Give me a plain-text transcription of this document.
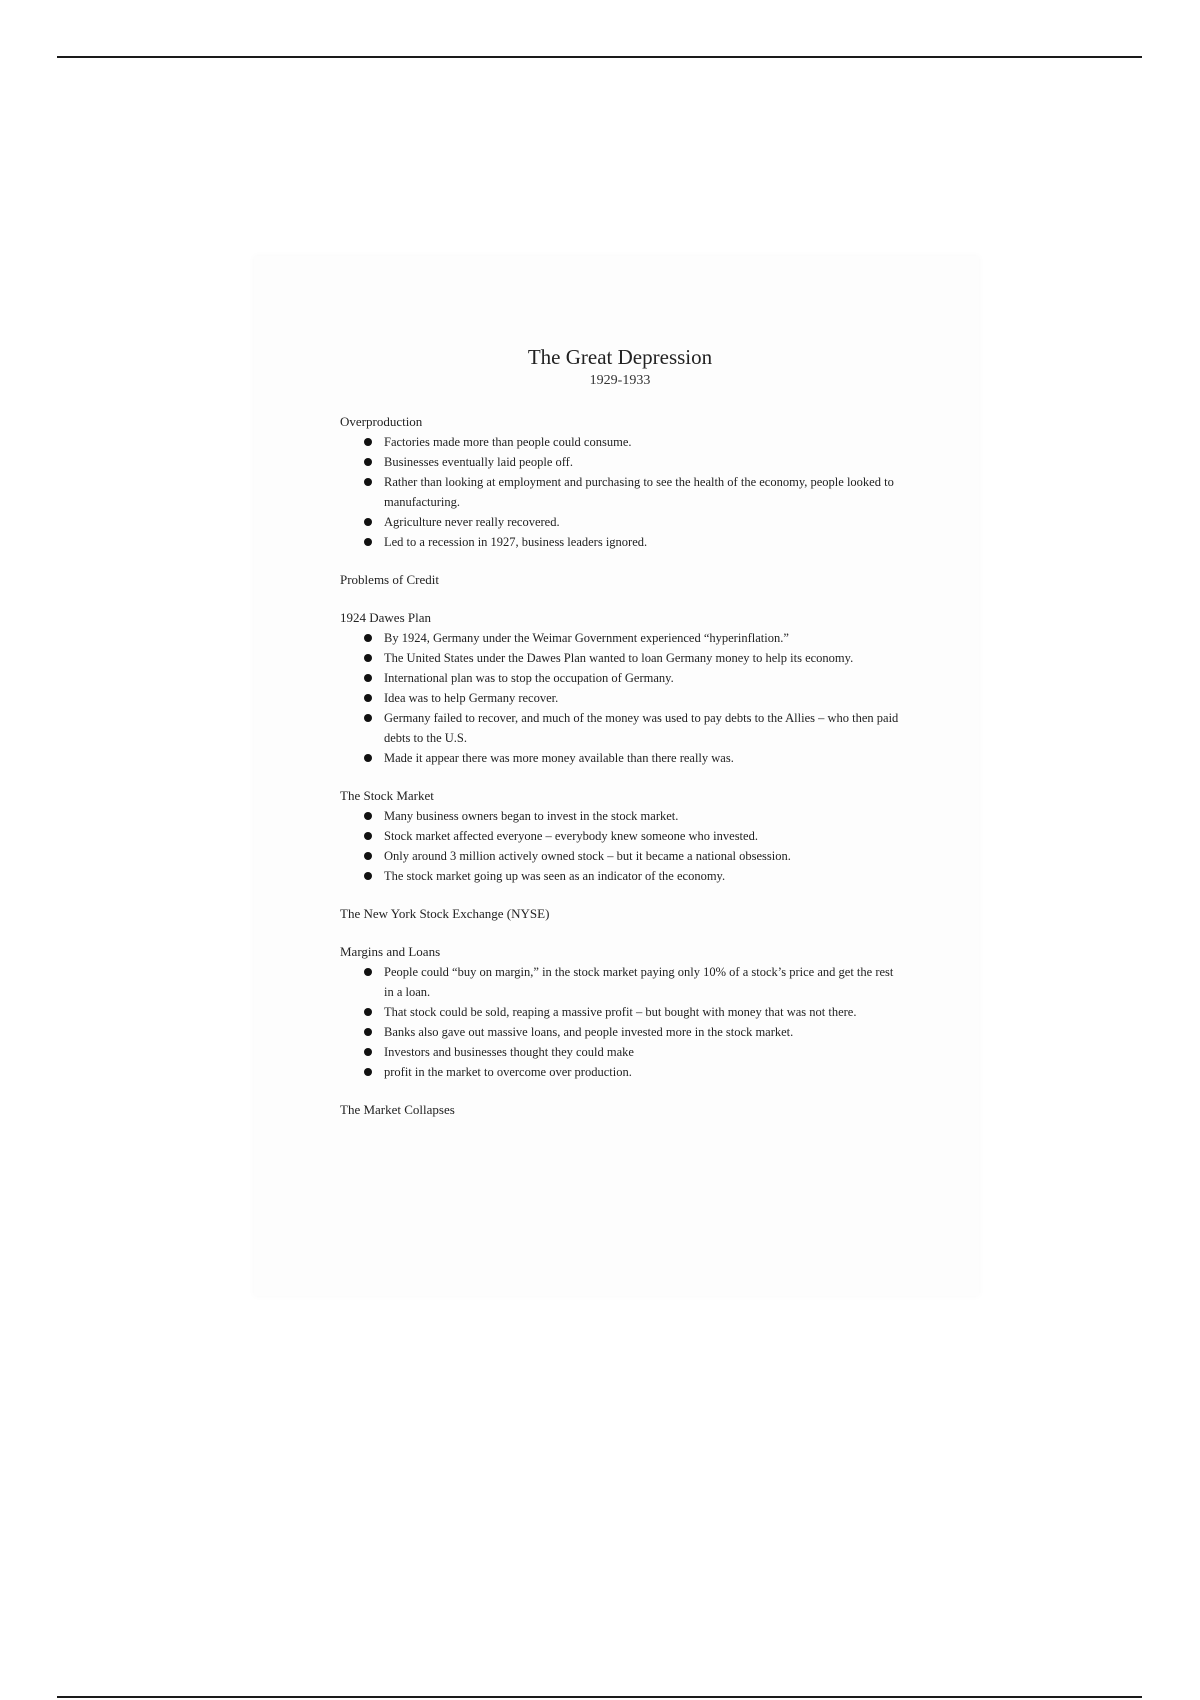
The Great Depression
1929-1933
Overproduction
Factories made more than people could consume.
Businesses eventually laid people off.
Rather than looking at employment and purchasing to see the health of the economy, people looked to manufacturing.
Agriculture never really recovered.
Led to a recession in 1927, business leaders ignored.
Problems of Credit
1924 Dawes Plan
By 1924, Germany under the Weimar Government experienced “hyperinflation.”
The United States under the Dawes Plan wanted to loan Germany money to help its economy.
International plan was to stop the occupation of Germany.
Idea was to help Germany recover.
Germany failed to recover, and much of the money was used to pay debts to the Allies – who then paid debts to the U.S.
Made it appear there was more money available than there really was.
The Stock Market
Many business owners began to invest in the stock market.
Stock market affected everyone – everybody knew someone who invested.
Only around 3 million actively owned stock – but it became a national obsession.
The stock market going up was seen as an indicator of the economy.
The New York Stock Exchange (NYSE)
Margins and Loans
People could “buy on margin,” in the stock market paying only 10% of a stock’s price and get the rest in a loan.
That stock could be sold, reaping a massive profit – but bought with money that was not there.
Banks also gave out massive loans, and people invested more in the stock market.
Investors and businesses thought they could make
profit in the market to overcome over production.
The Market Collapses
